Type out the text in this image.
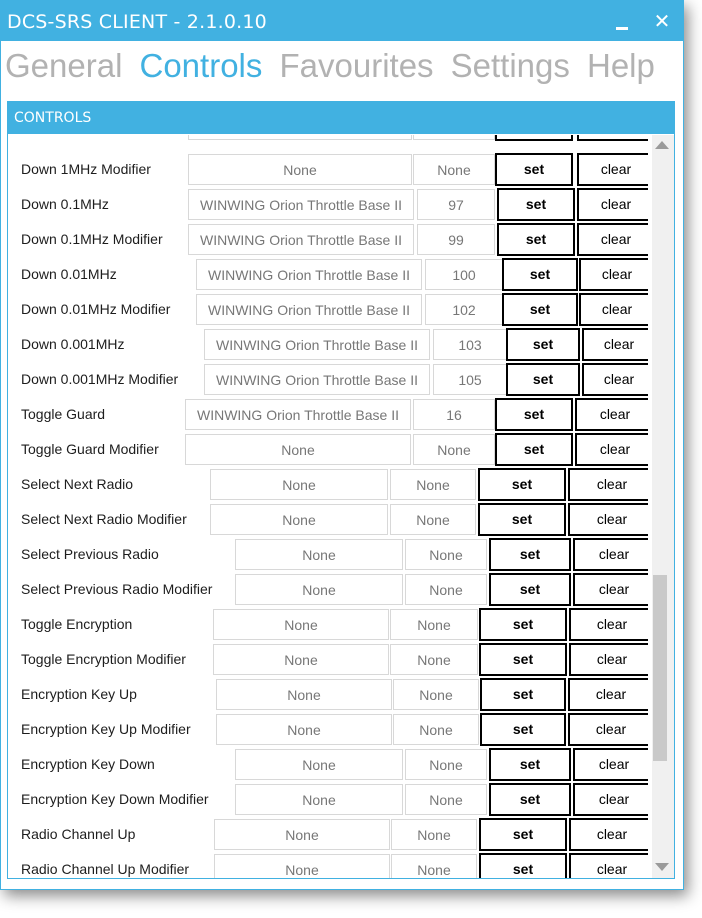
DCS-SRS CLIENT - 2.1.0.10	✕
General Controls Favourites Settings Help
CONTROLS
Down 1MHz Modifier	None	None	set	clear
Down 0.1MHz	WINWING Orion Throttle Base II	97	set	clear
Down 0.1MHz Modifier	WINWING Orion Throttle Base II	99	set	clear
Down 0.01MHz	WINWING Orion Throttle Base II	100	set	clear
Down 0.01MHz Modifier	WINWING Orion Throttle Base II	102	set	clear
Down 0.001MHz	WINWING Orion Throttle Base II	103	set	clear
Down 0.001MHz Modifier	WINWING Orion Throttle Base II	105	set	clear
Toggle Guard	WINWING Orion Throttle Base II	16	set	clear
Toggle Guard Modifier	None	None	set	clear
Select Next Radio	None	None	set	clear
Select Next Radio Modifier	None	None	set	clear
Select Previous Radio	None	None	set	clear
Select Previous Radio Modifier	None	None	set	clear
Toggle Encryption	None	None	set	clear
Toggle Encryption Modifier	None	None	set	clear
Encryption Key Up	None	None	set	clear
Encryption Key Up Modifier	None	None	set	clear
Encryption Key Down	None	None	set	clear
Encryption Key Down Modifier	None	None	set	clear
Radio Channel Up	None	None	set	clear
Radio Channel Up Modifier	None	None	set	clear
